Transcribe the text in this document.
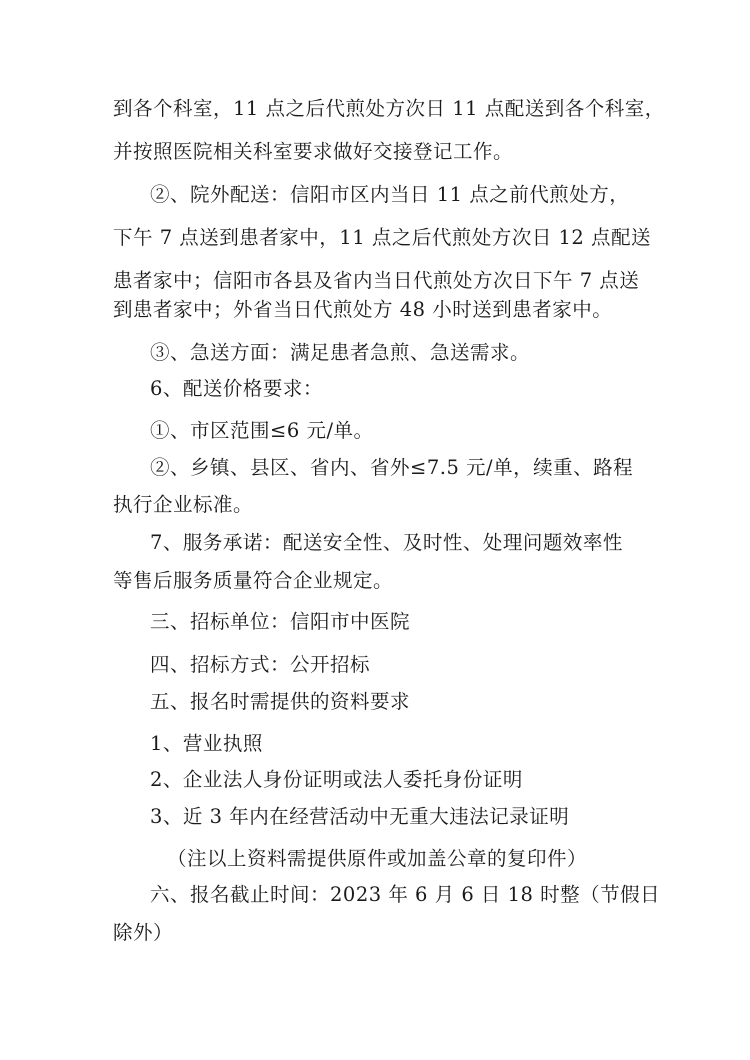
到各个科室，11 点之后代煎处方次日 11 点配送到各个科室，
并按照医院相关科室要求做好交接登记工作。
②、院外配送：信阳市区内当日 11 点之前代煎处方，
下午 7 点送到患者家中，11 点之后代煎处方次日 12 点配送
患者家中；信阳市各县及省内当日代煎处方次日下午 7 点送
到患者家中；外省当日代煎处方 48 小时送到患者家中。
③、急送方面：满足患者急煎、急送需求。
6、配送价格要求：
①、市区范围≤6 元/单。
②、乡镇、县区、省内、省外≤7.5 元/单，续重、路程
执行企业标准。
7、服务承诺：配送安全性、及时性、处理问题效率性
等售后服务质量符合企业规定。
三、招标单位：信阳市中医院
四、招标方式：公开招标
五、报名时需提供的资料要求
1、营业执照
2、企业法人身份证明或法人委托身份证明
3、近 3 年内在经营活动中无重大违法记录证明
（注以上资料需提供原件或加盖公章的复印件）
六、报名截止时间：2023 年 6 月 6 日 18 时整（节假日
除外）
